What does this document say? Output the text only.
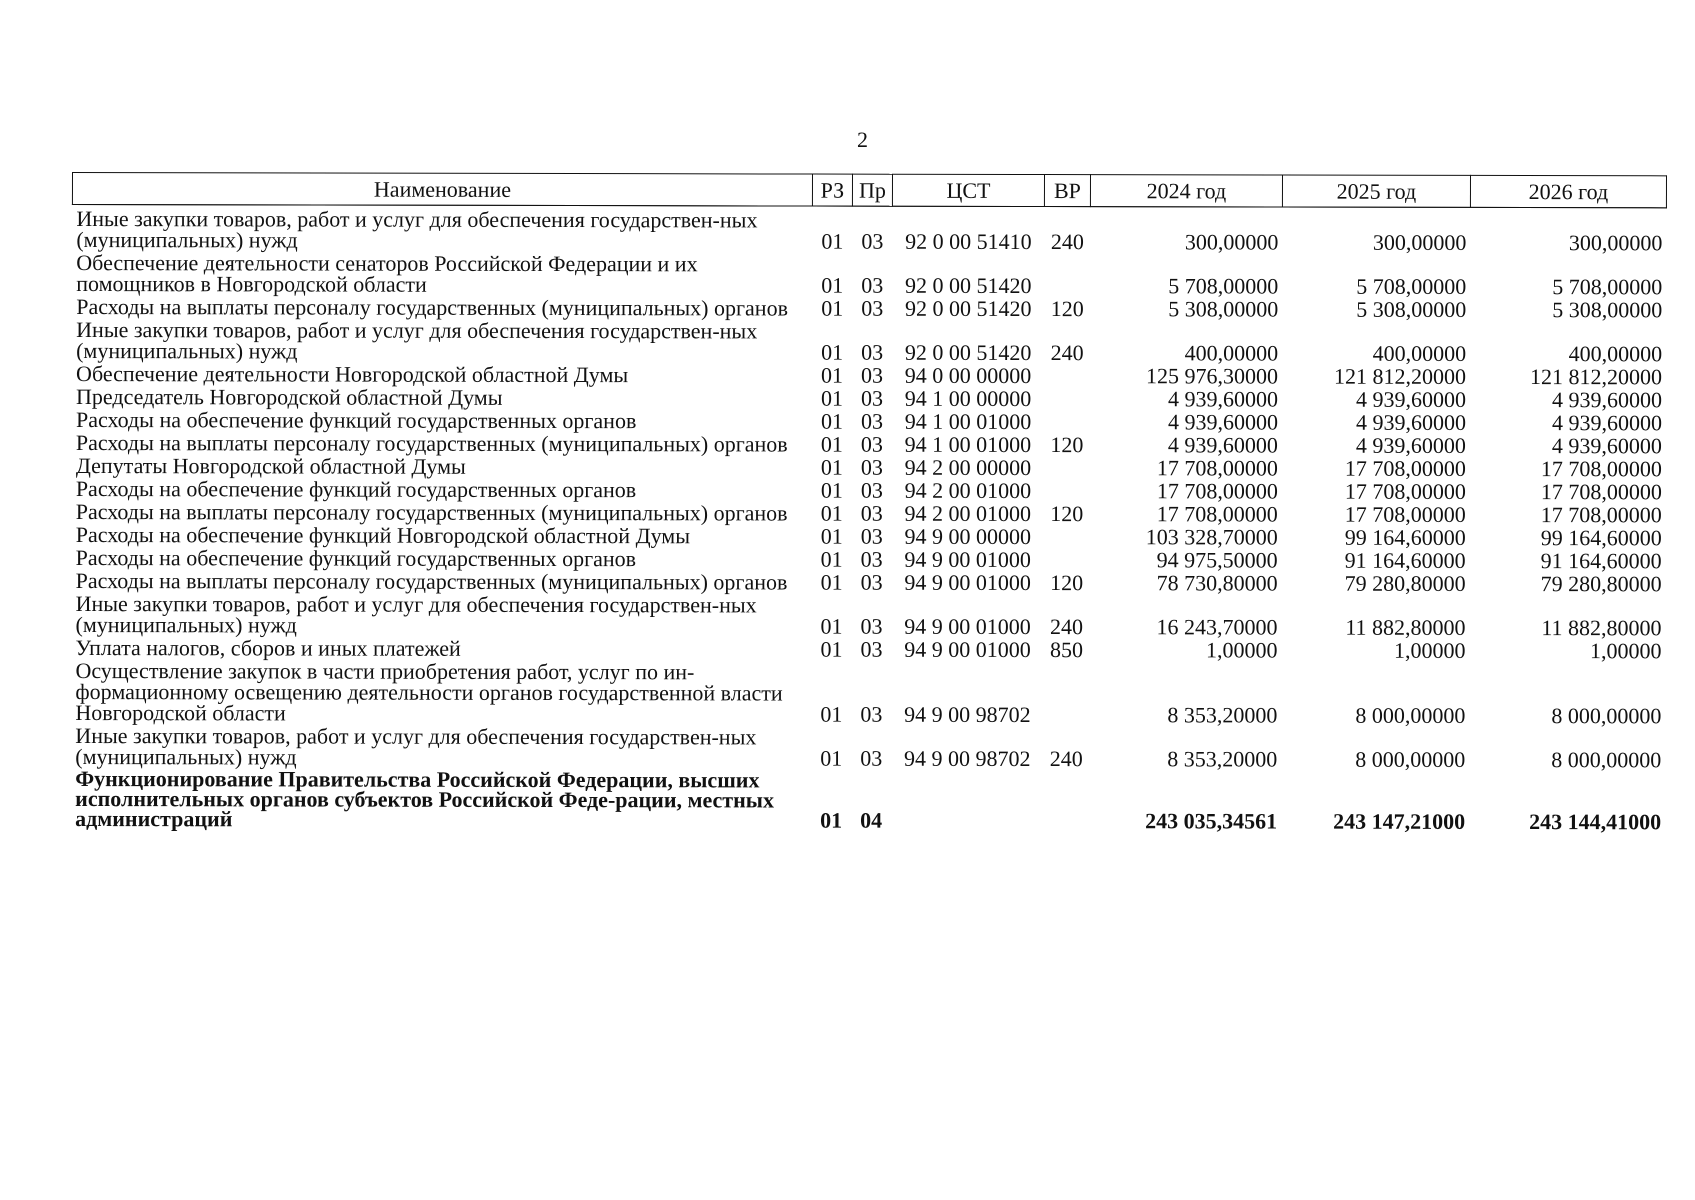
2
Наименование	РЗ	Пр	ЦСТ	ВР	2024 год	2025 год	2026 год
Иные закупки товаров, работ и услуг для обеспечения государствен-ных (муниципальных) нужд	01	03	92 0 00 51410	240	300,00000	300,00000	300,00000
Обеспечение деятельности сенаторов Российской Федерации и их помощников в Новгородской области	01	03	92 0 00 51420		5 708,00000	5 708,00000	5 708,00000
Расходы на выплаты персоналу государственных (муниципальных) органов	01	03	92 0 00 51420	120	5 308,00000	5 308,00000	5 308,00000
Иные закупки товаров, работ и услуг для обеспечения государствен-ных (муниципальных) нужд	01	03	92 0 00 51420	240	400,00000	400,00000	400,00000
Обеспечение деятельности Новгородской областной Думы	01	03	94 0 00 00000		125 976,30000	121 812,20000	121 812,20000
Председатель Новгородской областной Думы	01	03	94 1 00 00000		4 939,60000	4 939,60000	4 939,60000
Расходы на обеспечение функций государственных органов	01	03	94 1 00 01000		4 939,60000	4 939,60000	4 939,60000
Расходы на выплаты персоналу государственных (муниципальных) органов	01	03	94 1 00 01000	120	4 939,60000	4 939,60000	4 939,60000
Депутаты Новгородской областной Думы	01	03	94 2 00 00000		17 708,00000	17 708,00000	17 708,00000
Расходы на обеспечение функций государственных органов	01	03	94 2 00 01000		17 708,00000	17 708,00000	17 708,00000
Расходы на выплаты персоналу государственных (муниципальных) органов	01	03	94 2 00 01000	120	17 708,00000	17 708,00000	17 708,00000
Расходы на обеспечение функций Новгородской областной Думы	01	03	94 9 00 00000		103 328,70000	99 164,60000	99 164,60000
Расходы на обеспечение функций государственных органов	01	03	94 9 00 01000		94 975,50000	91 164,60000	91 164,60000
Расходы на выплаты персоналу государственных (муниципальных) органов	01	03	94 9 00 01000	120	78 730,80000	79 280,80000	79 280,80000
Иные закупки товаров, работ и услуг для обеспечения государствен-ных (муниципальных) нужд	01	03	94 9 00 01000	240	16 243,70000	11 882,80000	11 882,80000
Уплата налогов, сборов и иных платежей	01	03	94 9 00 01000	850	1,00000	1,00000	1,00000
Осуществление закупок в части приобретения работ, услуг по ин-формационному освещению деятельности органов государственной власти Новгородской области	01	03	94 9 00 98702		8 353,20000	8 000,00000	8 000,00000
Иные закупки товаров, работ и услуг для обеспечения государствен-ных (муниципальных) нужд	01	03	94 9 00 98702	240	8 353,20000	8 000,00000	8 000,00000
Функционирование Правительства Российской Федерации, высших исполнительных органов субъектов Российской Феде-рации, местных администраций	01	04			243 035,34561	243 147,21000	243 144,41000
